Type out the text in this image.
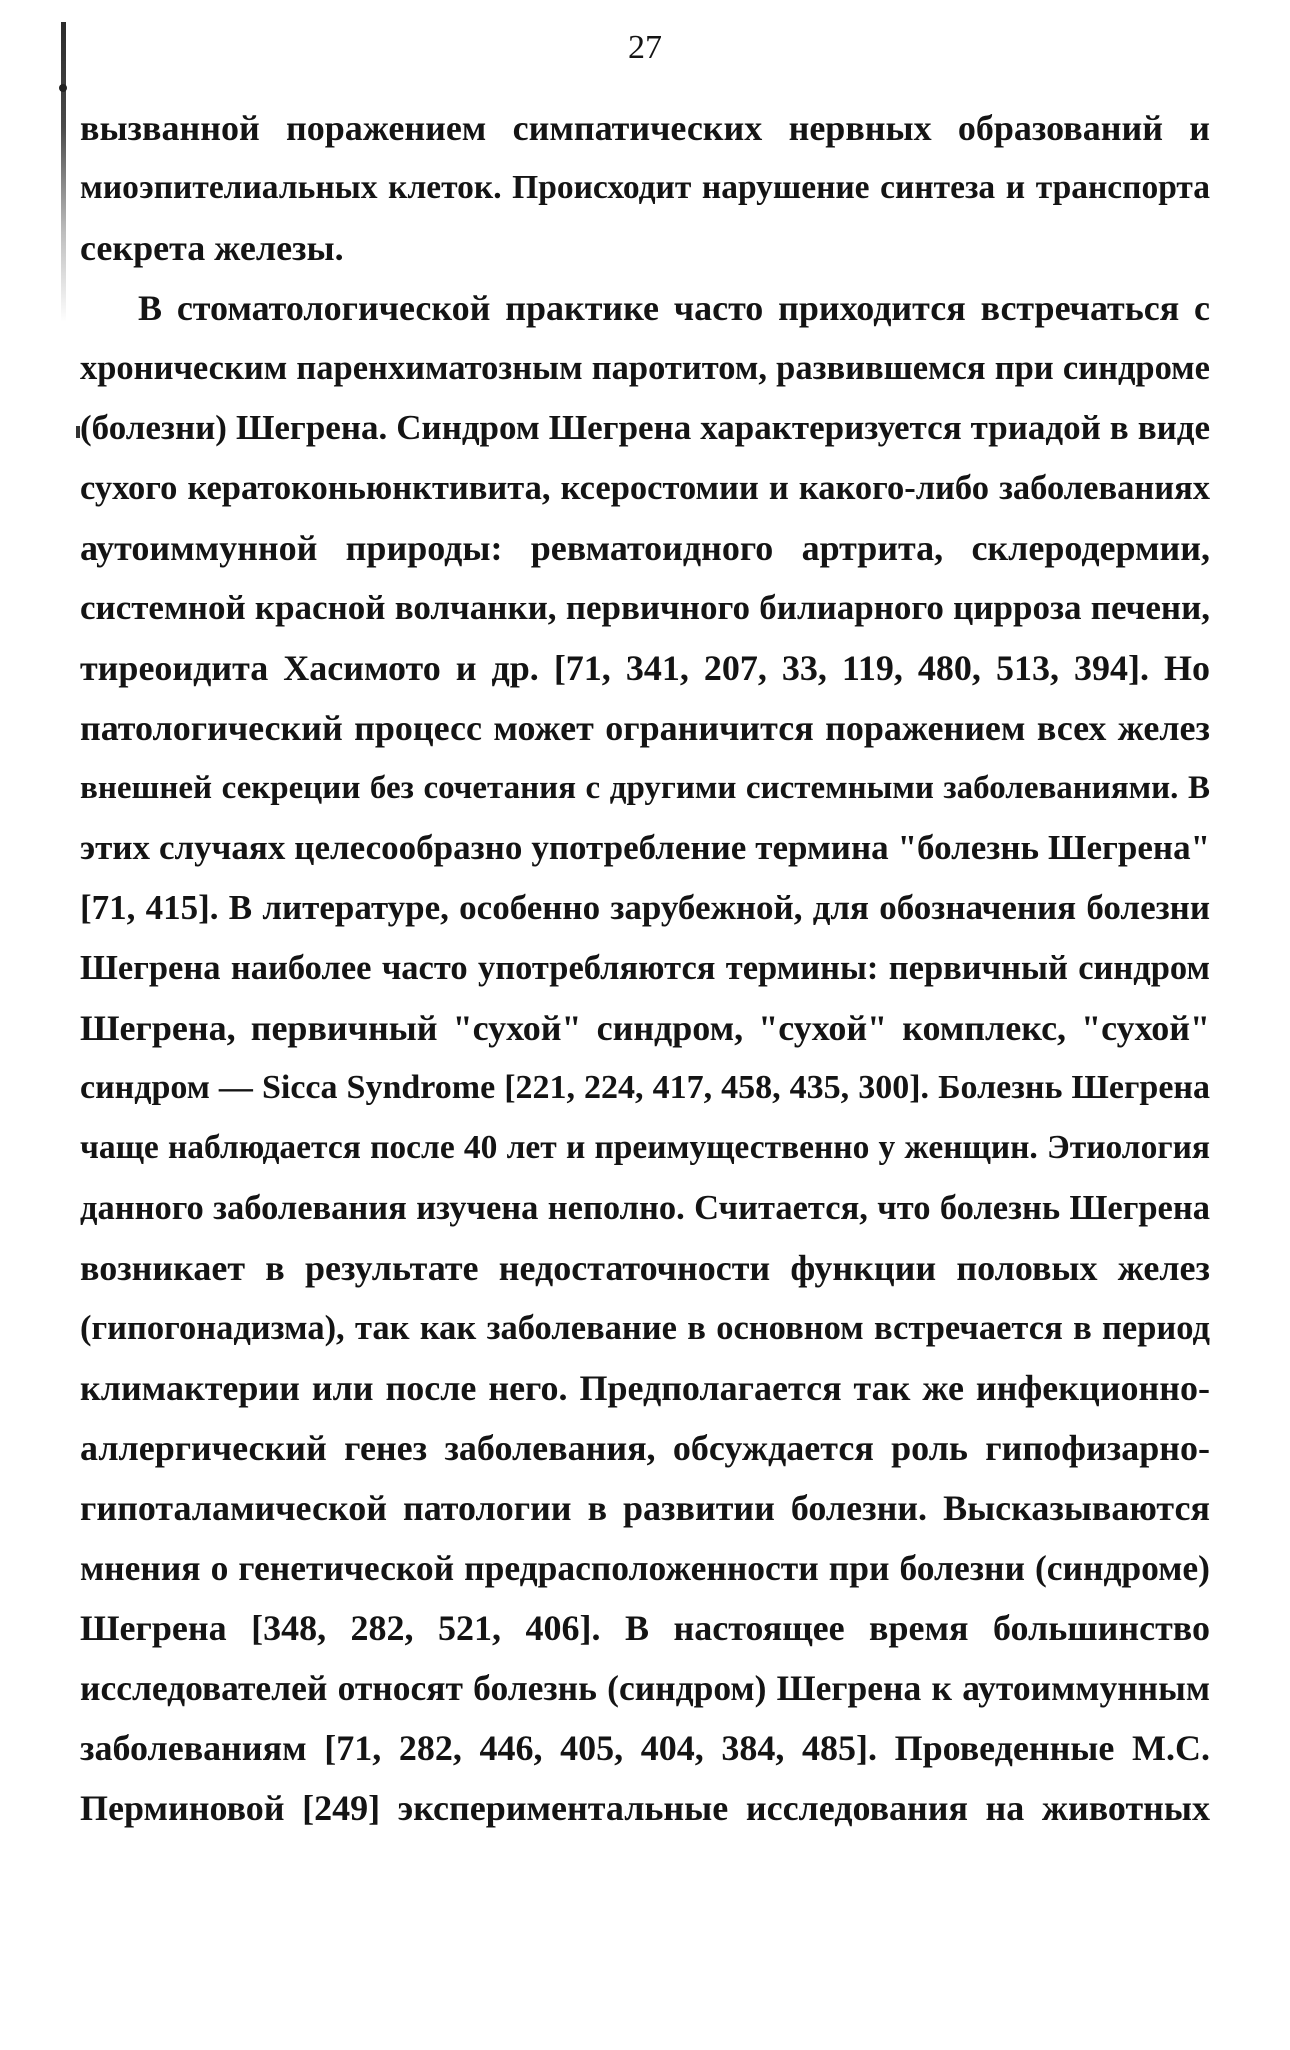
27
вызванной поражением симпатических нервных образований и
миоэпителиальных клеток. Происходит нарушение синтеза и транспорта
секрета железы.
В стоматологической практике часто приходится встречаться с
хроническим паренхиматозным паротитом, развившемся при синдроме
(болезни) Шегрена. Синдром Шегрена характеризуется триадой в виде
сухого кератоконьюнктивита, ксеростомии и какого-либо заболеваниях
аутоиммунной природы: ревматоидного артрита, склеродермии,
системной красной волчанки, первичного билиарного цирроза печени,
тиреоидита Хасимото и др. [71, 341, 207, 33, 119, 480, 513, 394]. Но
патологический процесс может ограничится поражением всех желез
внешней секреции без сочетания с другими системными заболеваниями. В
этих случаях целесообразно употребление термина "болезнь Шегрена"
[71, 415]. В литературе, особенно зарубежной, для обозначения болезни
Шегрена наиболее часто употребляются термины: первичный синдром
Шегрена, первичный "сухой" синдром, "сухой" комплекс, "сухой"
синдром — Sicca Syndrome [221, 224, 417, 458, 435, 300]. Болезнь Шегрена
чаще наблюдается после 40 лет и преимущественно у женщин. Этиология
данного заболевания изучена неполно. Считается, что болезнь Шегрена
возникает в результате недостаточности функции половых желез
(гипогонадизма), так как заболевание в основном встречается в период
климактерии или после него. Предполагается так же инфекционно-
аллергический генез заболевания, обсуждается роль гипофизарно-
гипоталамической патологии в развитии болезни. Высказываются
мнения о генетической предрасположенности при болезни (синдроме)
Шегрена [348, 282, 521, 406]. В настоящее время большинство
исследователей относят болезнь (синдром) Шегрена к аутоиммунным
заболеваниям [71, 282, 446, 405, 404, 384, 485]. Проведенные М.С.
Перминовой [249] экспериментальные исследования на животных
